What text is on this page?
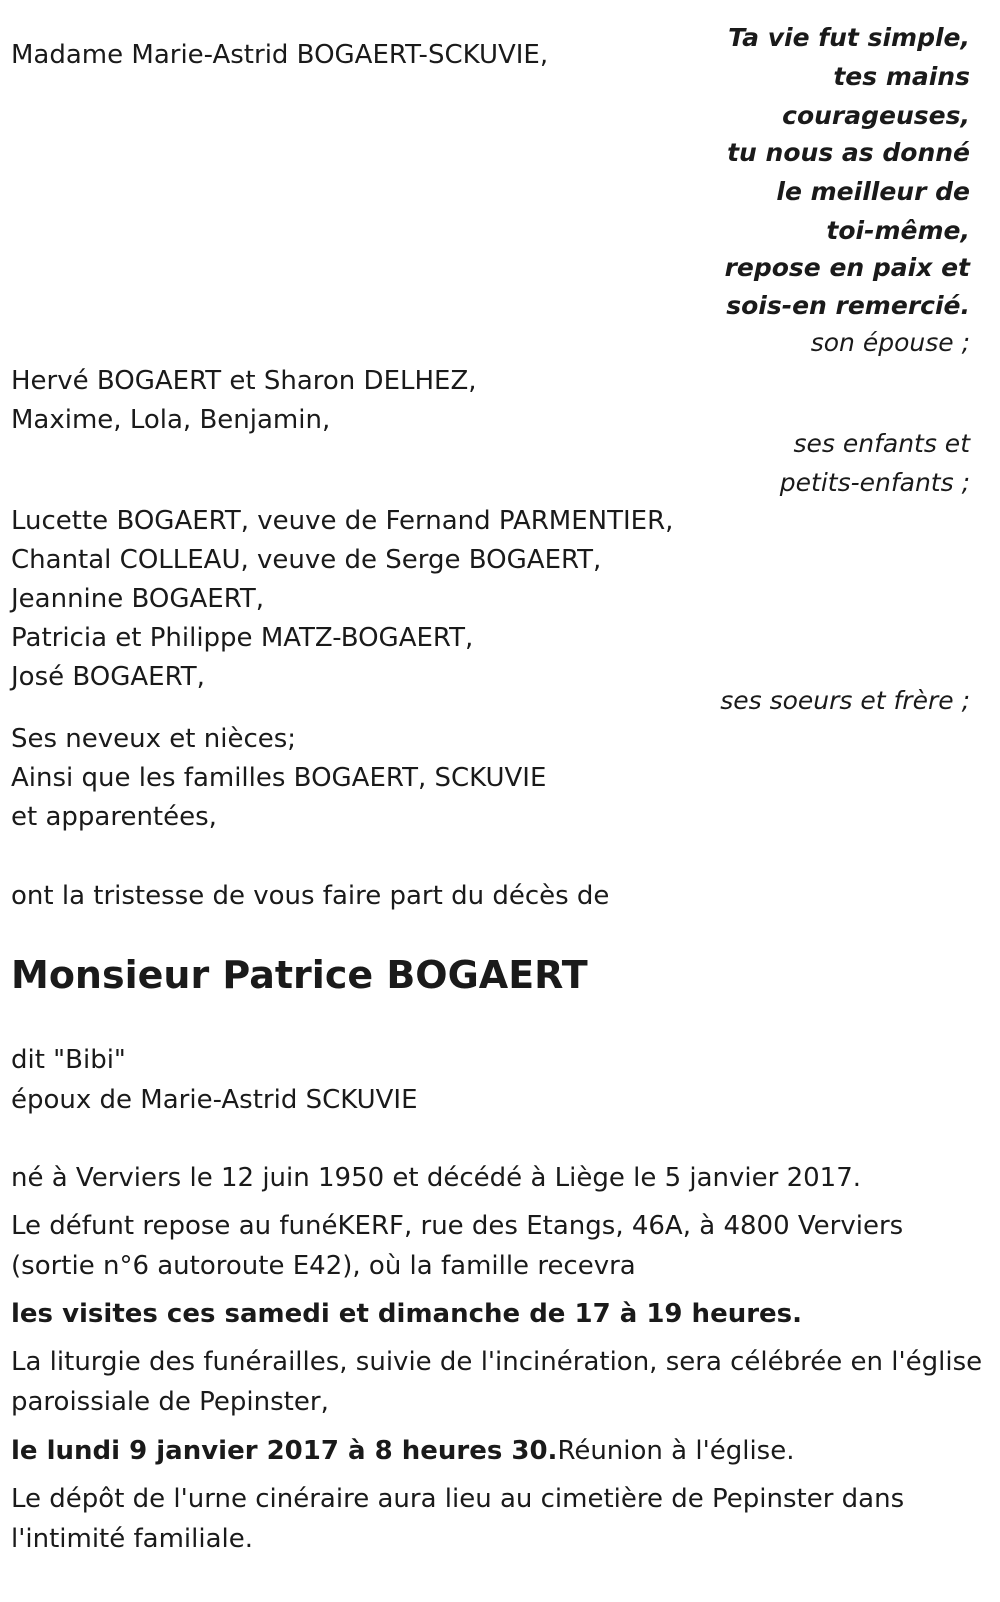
Ta vie fut simple,
tes mains
courageuses,
tu nous as donné
le meilleur de
toi-même,
repose en paix et
sois-en remercié.
Madame Marie-Astrid BOGAERT-SCKUVIE,
son épouse ;
Hervé BOGAERT et Sharon DELHEZ,
Maxime, Lola, Benjamin,
ses enfants et
petits-enfants ;
Lucette BOGAERT, veuve de Fernand PARMENTIER,
Chantal COLLEAU, veuve de Serge BOGAERT,
Jeannine BOGAERT,
Patricia et Philippe MATZ-BOGAERT,
José BOGAERT,
ses soeurs et frère ;
Ses neveux et nièces;
Ainsi que les familles BOGAERT, SCKUVIE
et apparentées,
ont la tristesse de vous faire part du décès de
Monsieur Patrice BOGAERT
dit "Bibi"
époux de Marie-Astrid SCKUVIE
né à Verviers le 12 juin 1950 et décédé à Liège le 5 janvier 2017.
Le défunt repose au funéKERF, rue des Etangs, 46A, à 4800 Verviers (sortie n°6 autoroute E42), où la famille recevra
les visites ces samedi et dimanche de 17 à 19 heures.
La liturgie des funérailles, suivie de l'incinération, sera célébrée en l'église paroissiale de Pepinster,
le lundi 9 janvier 2017 à 8 heures 30.Réunion à l'église.
Le dépôt de l'urne cinéraire aura lieu au cimetière de Pepinster dans l'intimité familiale.
